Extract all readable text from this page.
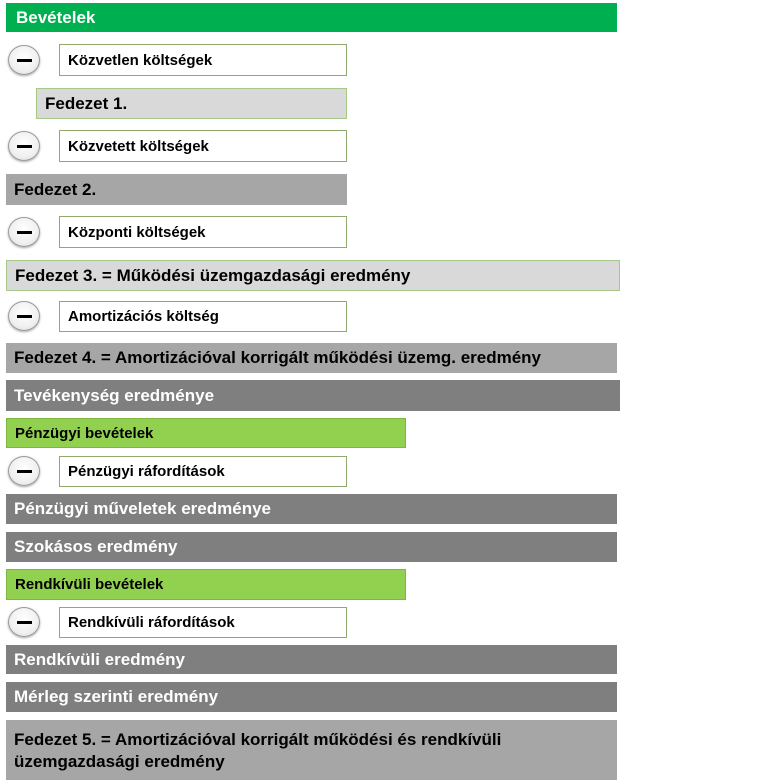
Bevételek
Közvetlen költségek
Fedezet 1.
Közvetett költségek
Fedezet 2.
Központi költségek
Fedezet 3. = Működési üzemgazdasági eredmény
Amortizációs költség
Fedezet 4. = Amortizációval korrigált működési üzemg. eredmény
Tevékenység eredménye
Pénzügyi bevételek
Pénzügyi ráfordítások
Pénzügyi műveletek eredménye
Szokásos eredmény
Rendkívüli bevételek
Rendkívüli ráfordítások
Rendkívüli eredmény
Mérleg szerinti eredmény
Fedezet 5. = Amortizációval korrigált működési és rendkívüli üzemgazdasági eredmény
